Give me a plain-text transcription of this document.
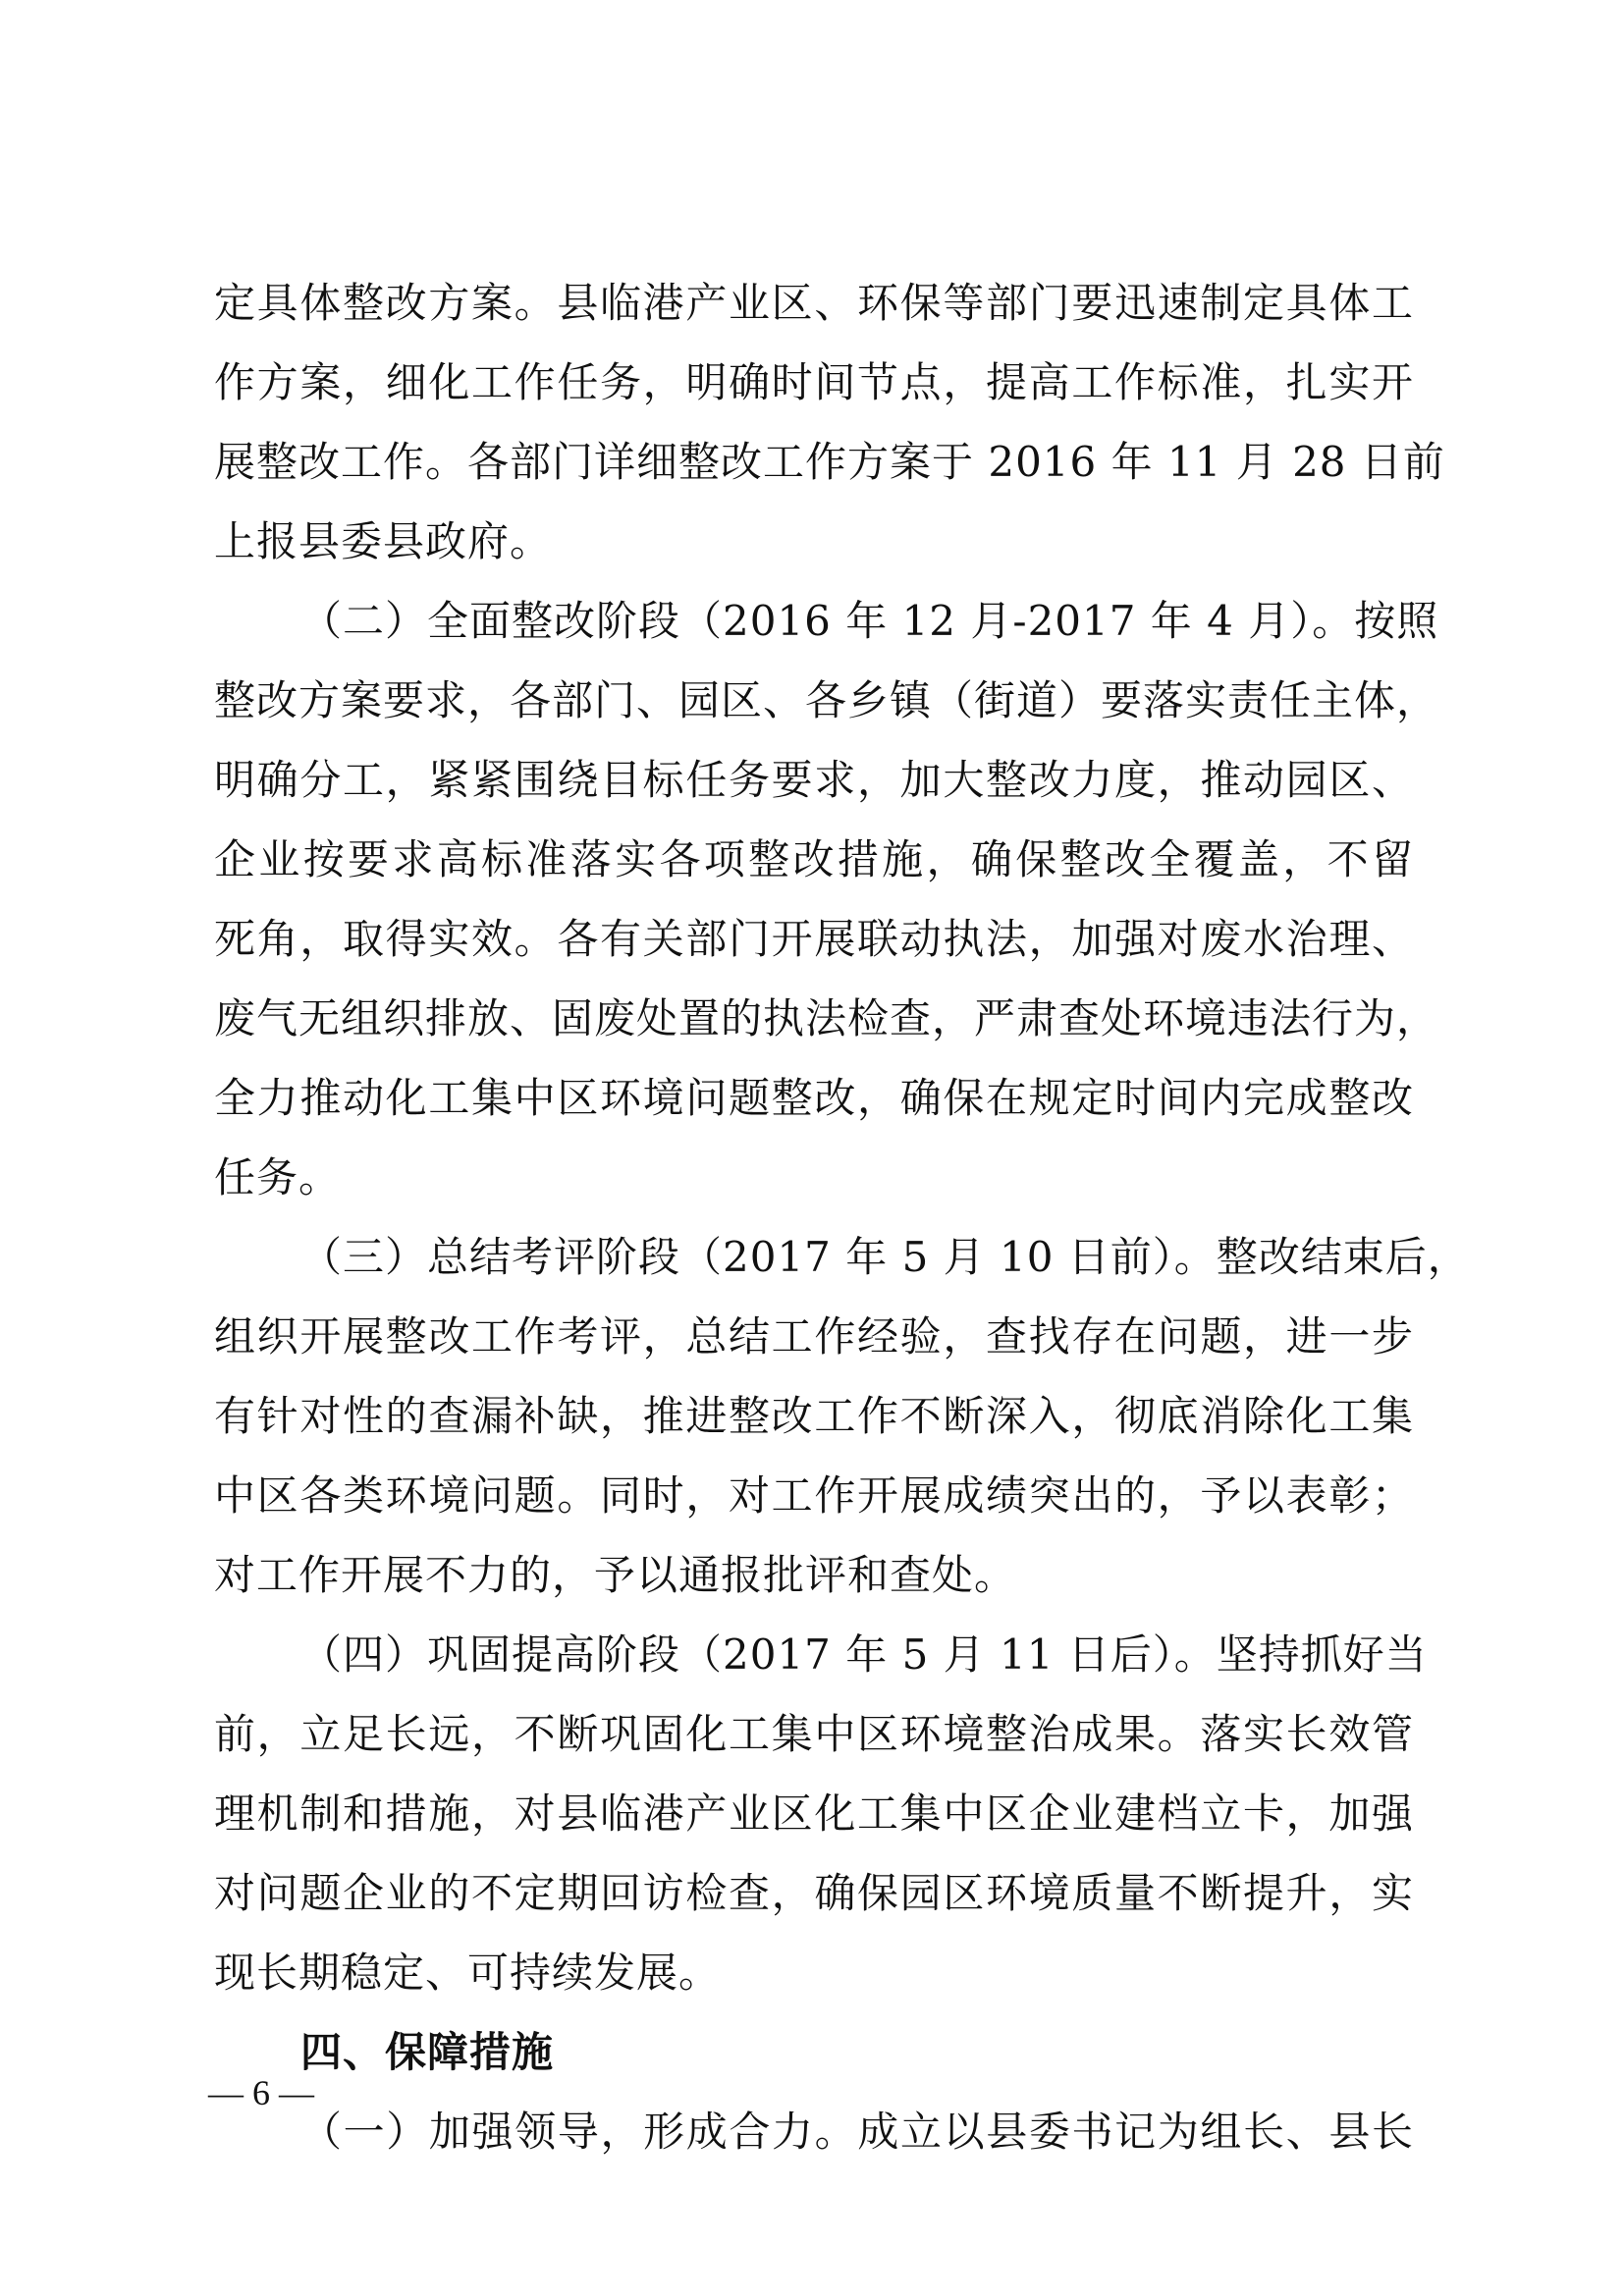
定具体整改方案。县临港产业区、环保等部门要迅速制定具体工
作方案，细化工作任务，明确时间节点，提高工作标准，扎实开
展整改工作。各部门详细整改工作方案于 2016 年 11 月 28 日前
上报县委县政府。
（二）全面整改阶段（2016 年 12 月-2017 年 4 月）。按照
整改方案要求，各部门、园区、各乡镇（街道）要落实责任主体，
明确分工，紧紧围绕目标任务要求，加大整改力度，推动园区、
企业按要求高标准落实各项整改措施，确保整改全覆盖，不留
死角，取得实效。各有关部门开展联动执法，加强对废水治理、
废气无组织排放、固废处置的执法检查，严肃查处环境违法行为，
全力推动化工集中区环境问题整改，确保在规定时间内完成整改
任务。
（三）总结考评阶段（2017 年 5 月 10 日前）。整改结束后，
组织开展整改工作考评，总结工作经验，查找存在问题，进一步
有针对性的查漏补缺，推进整改工作不断深入，彻底消除化工集
中区各类环境问题。同时，对工作开展成绩突出的，予以表彰；
对工作开展不力的，予以通报批评和查处。
（四）巩固提高阶段（2017 年 5 月 11 日后）。坚持抓好当
前，立足长远，不断巩固化工集中区环境整治成果。落实长效管
理机制和措施，对县临港产业区化工集中区企业建档立卡，加强
对问题企业的不定期回访检查，确保园区环境质量不断提升，实
现长期稳定、可持续发展。
四、保障措施
（一）加强领导，形成合力。成立以县委书记为组长、县长
— 6 —
